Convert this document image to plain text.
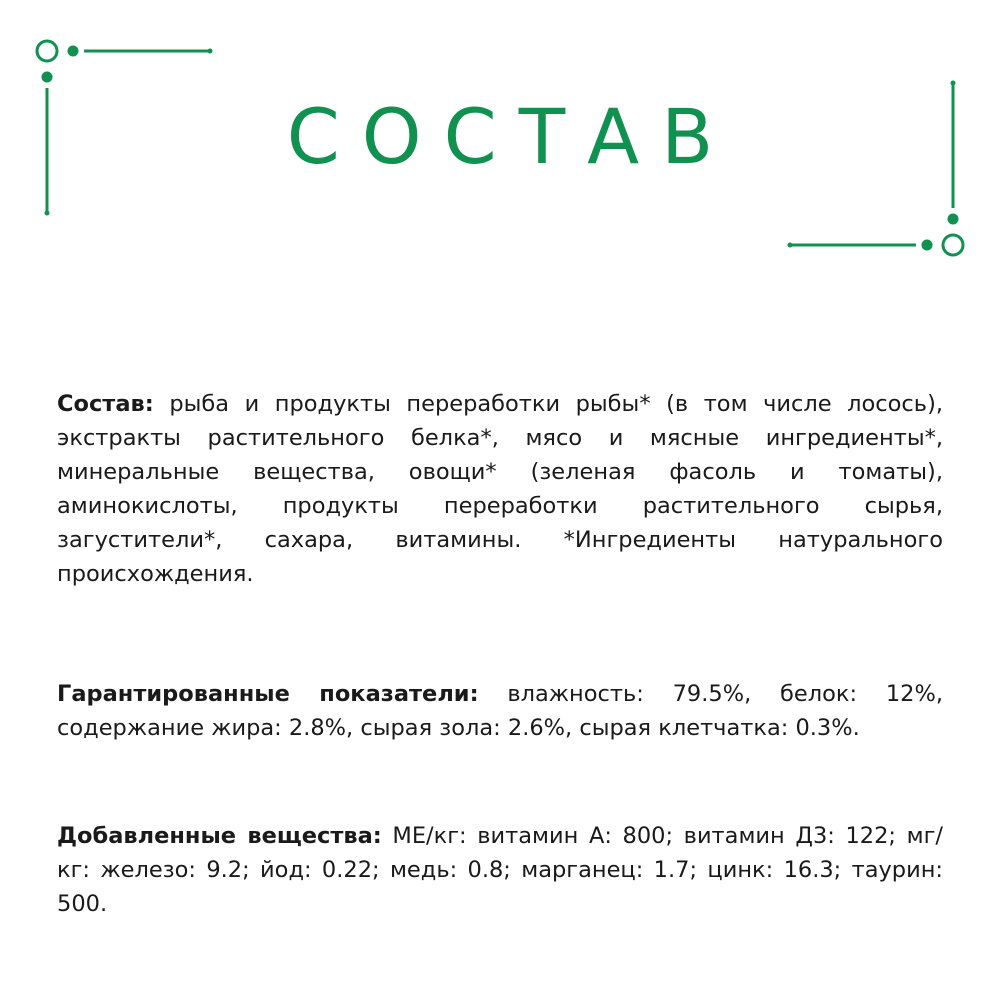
СОСТАВ

Состав: рыба и продукты переработки рыбы* (в том числе лосось), экстракты растительного белка*, мясо и мясные ингредиенты*, минеральные вещества, овощи* (зеленая фасоль и томаты), аминокислоты, продукты переработки растительного сырья, загустители*, сахара, витамины. *Ингредиенты натурального происхождения.

Гарантированные показатели: влажность: 79.5%, белок: 12%, содержание жира: 2.8%, сырая зола: 2.6%, сырая клетчатка: 0.3%.

Добавленные вещества: МЕ/кг: витамин А: 800; витамин Д3: 122; мг/кг: железо: 9.2; йод: 0.22; медь: 0.8; марганец: 1.7; цинк: 16.3; таурин: 500.
